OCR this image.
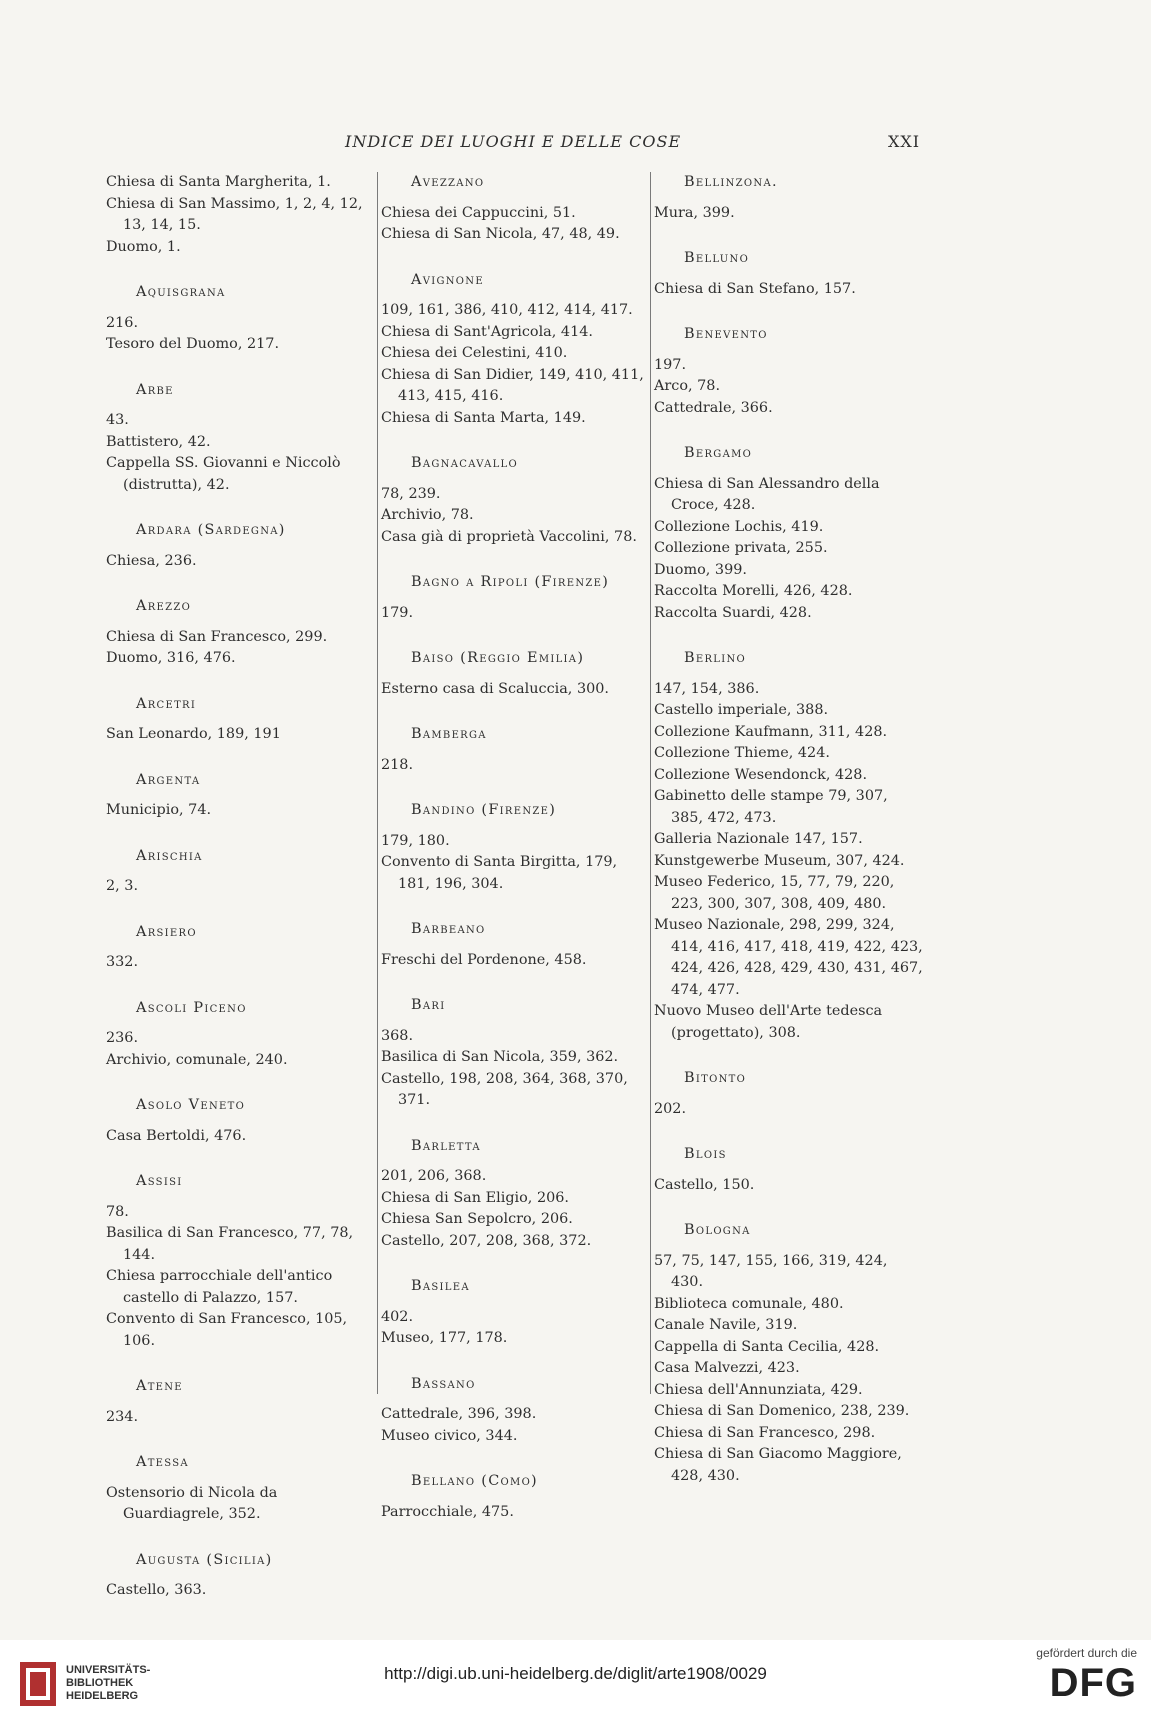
INDICE DEI LUOGHI E DELLE COSE	XXI
Chiesa di Santa Margherita, 1.
Chiesa di San Massimo, 1, 2, 4, 12, 13, 14, 15.
Duomo, 1.
Aquisgrana
216.
Tesoro del Duomo, 217.
Arbe
43.
Battistero, 42.
Cappella SS. Giovanni e Niccolò (distrutta), 42.
Ardara (Sardegna)
Chiesa, 236.
Arezzo
Chiesa di San Francesco, 299.
Duomo, 316, 476.
Arcetri
San Leonardo, 189, 191
Argenta
Municipio, 74.
Arischia
2, 3.
Arsiero
332.
Ascoli Piceno
236.
Archivio, comunale, 240.
Asolo Veneto
Casa Bertoldi, 476.
Assisi
78.
Basilica di San Francesco, 77, 78, 144.
Chiesa parrocchiale dell'antico castello di Palazzo, 157.
Convento di San Francesco, 105, 106.
Atene
234.
Atessa
Ostensorio di Nicola da Guardiagrele, 352.
Augusta (Sicilia)
Castello, 363.
Avezzano
Chiesa dei Cappuccini, 51.
Chiesa di San Nicola, 47, 48, 49.
Avignone
109, 161, 386, 410, 412, 414, 417.
Chiesa di Sant'Agricola, 414.
Chiesa dei Celestini, 410.
Chiesa di San Didier, 149, 410, 411, 413, 415, 416.
Chiesa di Santa Marta, 149.
Bagnacavallo
78, 239.
Archivio, 78.
Casa già di proprietà Vaccolini, 78.
Bagno a Ripoli (Firenze)
179.
Baiso (Reggio Emilia)
Esterno casa di Scaluccia, 300.
Bamberga
218.
Bandino (Firenze)
179, 180.
Convento di Santa Birgitta, 179, 181, 196, 304.
Barbeano
Freschi del Pordenone, 458.
Bari
368.
Basilica di San Nicola, 359, 362.
Castello, 198, 208, 364, 368, 370, 371.
Barletta
201, 206, 368.
Chiesa di San Eligio, 206.
Chiesa San Sepolcro, 206.
Castello, 207, 208, 368, 372.
Basilea
402.
Museo, 177, 178.
Bassano
Cattedrale, 396, 398.
Museo civico, 344.
Bellano (Como)
Parrocchiale, 475.
Bellinzona.
Mura, 399.
Belluno
Chiesa di San Stefano, 157.
Benevento
197.
Arco, 78.
Cattedrale, 366.
Bergamo
Chiesa di San Alessandro della Croce, 428.
Collezione Lochis, 419.
Collezione privata, 255.
Duomo, 399.
Raccolta Morelli, 426, 428.
Raccolta Suardi, 428.
Berlino
147, 154, 386.
Castello imperiale, 388.
Collezione Kaufmann, 311, 428.
Collezione Thieme, 424.
Collezione Wesendonck, 428.
Gabinetto delle stampe 79, 307, 385, 472, 473.
Galleria Nazionale 147, 157.
Kunstgewerbe Museum, 307, 424.
Museo Federico, 15, 77, 79, 220, 223, 300, 307, 308, 409, 480.
Museo Nazionale, 298, 299, 324, 414, 416, 417, 418, 419, 422, 423, 424, 426, 428, 429, 430, 431, 467, 474, 477.
Nuovo Museo dell'Arte tedesca (progettato), 308.
Bitonto
202.
Blois
Castello, 150.
Bologna
57, 75, 147, 155, 166, 319, 424, 430.
Biblioteca comunale, 480.
Canale Navile, 319.
Cappella di Santa Cecilia, 428.
Casa Malvezzi, 423.
Chiesa dell'Annunziata, 429.
Chiesa di San Domenico, 238, 239.
Chiesa di San Francesco, 298.
Chiesa di San Giacomo Maggiore, 428, 430.
UNIVERSITÄTS-
BIBLIOTHEK
HEIDELBERG
http://digi.ub.uni-heidelberg.de/diglit/arte1908/0029
gefördert durch die
DFG
